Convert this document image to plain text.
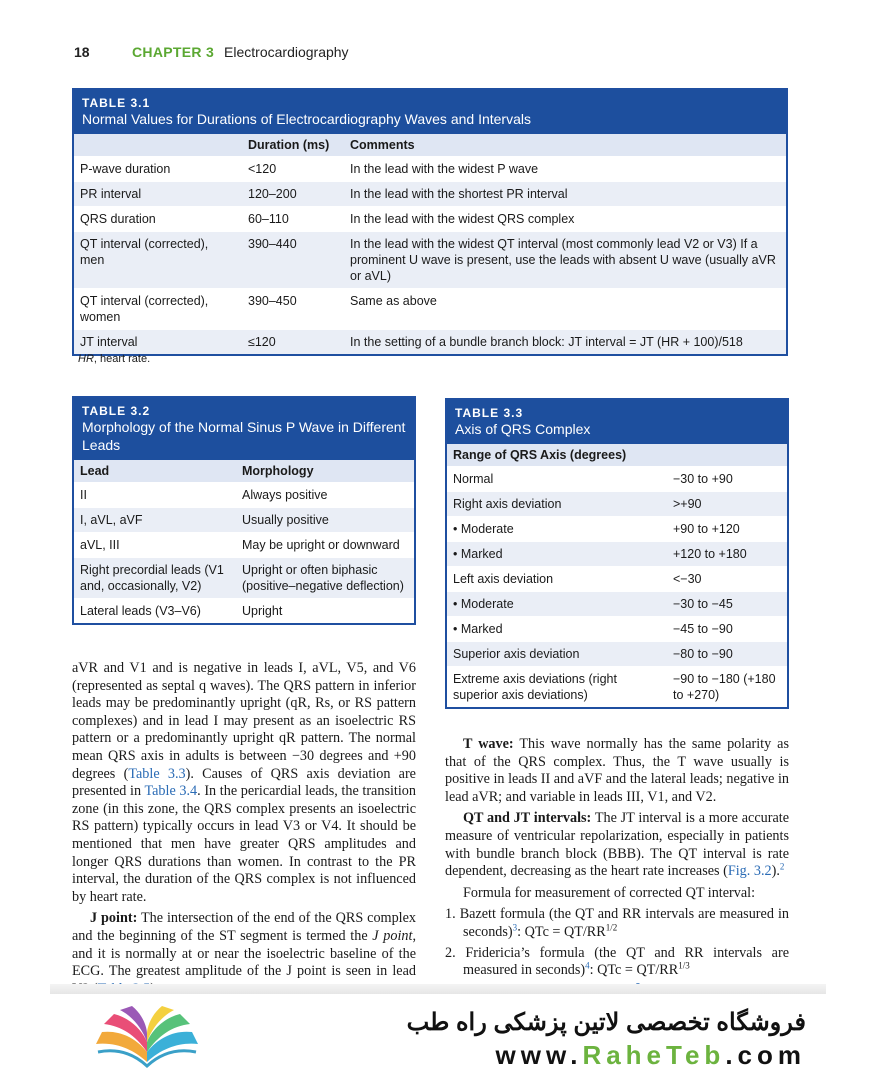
18	CHAPTER 3 Electrocardiography
TABLE 3.1
Normal Values for Durations of Electrocardiography Waves and Intervals
	Duration (ms)	Comments
P-wave duration	<120	In the lead with the widest P wave
PR interval	120–200	In the lead with the shortest PR interval
QRS duration	60–110	In the lead with the widest QRS complex
QT interval (corrected), men	390–440	In the lead with the widest QT interval (most commonly lead V2 or V3) If a prominent U wave is present, use the leads with absent U wave (usually aVR or aVL)
QT interval (corrected), women	390–450	Same as above
JT interval	≤120	In the setting of a bundle branch block: JT interval = JT (HR + 100)/518
HR, heart rate.
TABLE 3.2
Morphology of the Normal Sinus P Wave in Different Leads
Lead	Morphology
II	Always positive
I, aVL, aVF	Usually positive
aVL, III	May be upright or downward
Right precordial leads (V1 and, occasionally, V2)	Upright or often biphasic (positive–negative deflection)
Lateral leads (V3–V6)	Upright
TABLE 3.3
Axis of QRS Complex
Range of QRS Axis (degrees)	
Normal	−30 to +90
Right axis deviation	>+90
• Moderate	+90 to +120
• Marked	+120 to +180
Left axis deviation	<−30
• Moderate	−30 to −45
• Marked	−45 to −90
Superior axis deviation	−80 to −90
Extreme axis deviations (right superior axis deviations)	−90 to −180 (+180 to +270)

aVR and V1 and is negative in leads I, aVL, V5, and V6 (represented as septal q waves). The QRS pattern in inferior leads may be predominantly upright (qR, Rs, or RS pattern complexes) and in lead I may present as an isoelectric RS pattern or a predominantly upright qR pattern. The normal mean QRS axis in adults is between −30 degrees and +90 degrees (Table 3.3). Causes of QRS axis deviation are presented in Table 3.4. In the pericardial leads, the transition zone (in this zone, the QRS complex presents an isoelectric RS pattern) typically occurs in lead V3 or V4. It should be mentioned that men have greater QRS amplitudes and longer QRS durations than women. In contrast to the PR interval, the duration of the QRS complex is not influenced by heart rate.

J point: The intersection of the end of the QRS complex and the beginning of the ST segment is termed the J point, and it is normally at or near the isoelectric baseline of the ECG. The greatest amplitude of the J point is seen in lead

T wave: This wave normally has the same polarity as that of the QRS complex. Thus, the T wave usually is positive in leads II and aVF and the lateral leads; negative in lead aVR; and variable in leads III, V1, and V2.

QT and JT intervals: The JT interval is a more accurate measure of ventricular repolarization, especially in patients with bundle branch block (BBB). The QT interval is rate dependent, decreasing as the heart rate increases (Fig. 3.2).$^2$

Formula for measurement of corrected QT interval:

1. Bazett formula (the QT and RR intervals are measured in seconds)$^3$: QTc = $QT/RR^{1/2}$
2. Fridericia’s formula (the QT and RR intervals are measured in seconds)$^4$: QTc = $QT/RR^{1/3}$
فروشگاه تخصصی لاتین پزشکی راه طب
www.RaheTeb.com
